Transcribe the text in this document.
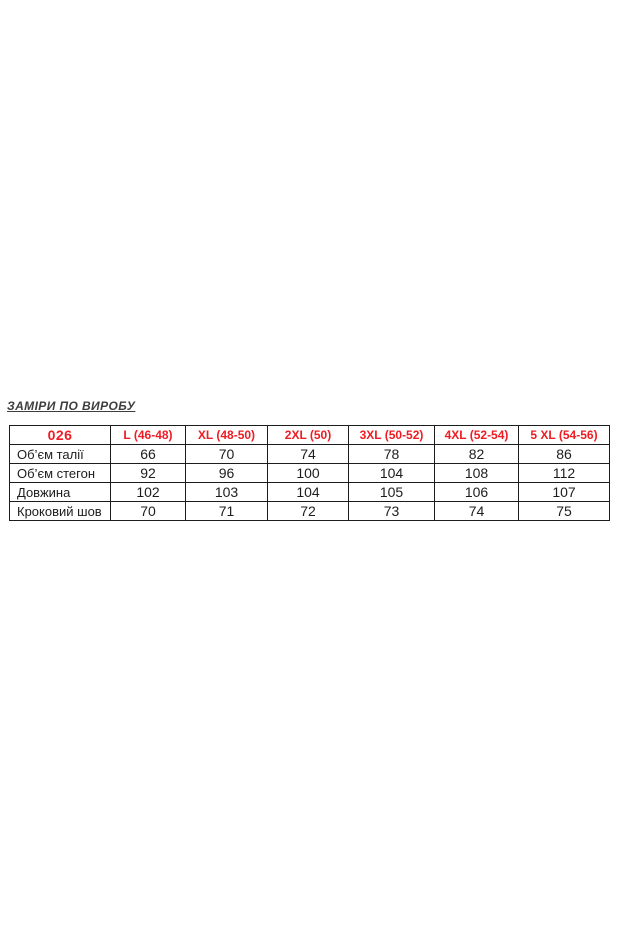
ЗАМІРИ ПО ВИРОБУ
026	L (46-48)	XL (48-50)	2XL (50)	3XL (50-52)	4XL (52-54)	5 XL (54-56)
Об’єм талії	66	70	74	78	82	86
Об’єм стегон	92	96	100	104	108	112
Довжина	102	103	104	105	106	107
Кроковий шов	70	71	72	73	74	75
